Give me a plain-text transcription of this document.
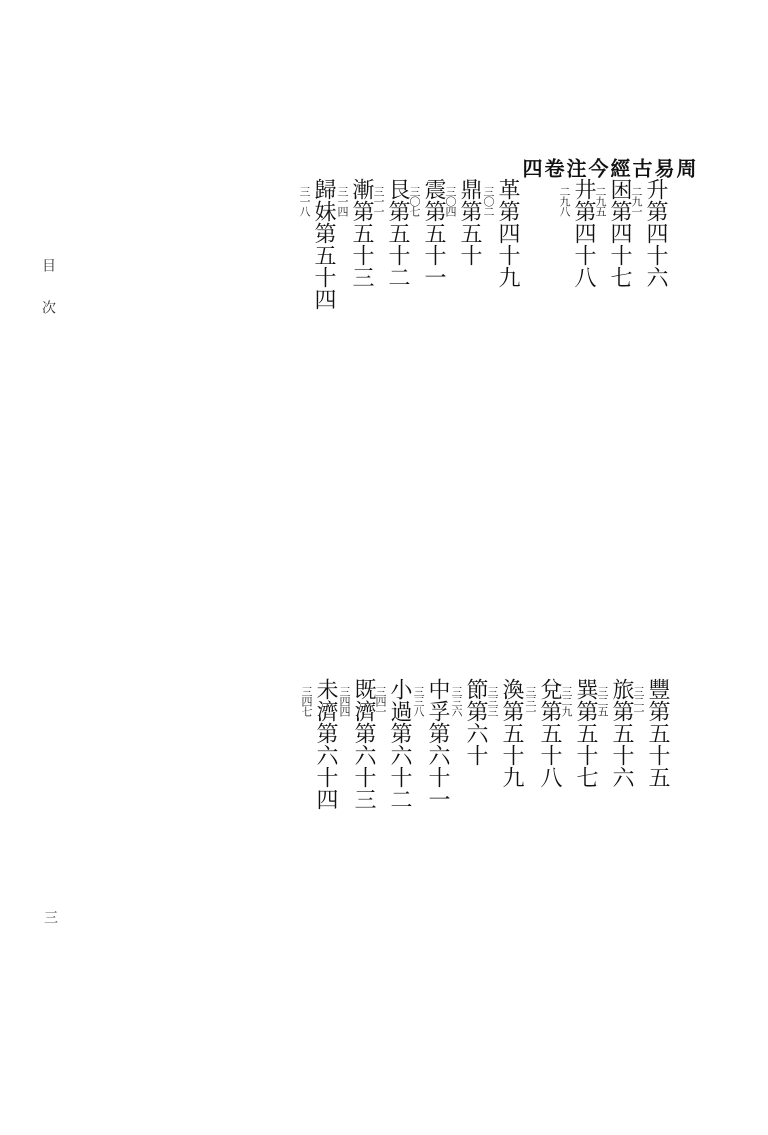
目
次
三
升第四十六
二九一
困第四十七
二九五
井第四十八
二九八
周易古經今注卷四
革第四十九
三〇二
鼎第五十
三〇四
震第五十一
三〇七
艮第五十二
三一一
漸第五十三
三一四
歸妹第五十四
三一八
豐第五十五
三二一
旅第五十六
三二五
巽第五十七
三二九
兌第五十八
三三一
渙第五十九
三三三
節第六十
三三六
中孚第六十一
三三八
小過第六十二
三四一
既濟第六十三
三四四
未濟第六十四
三四七
